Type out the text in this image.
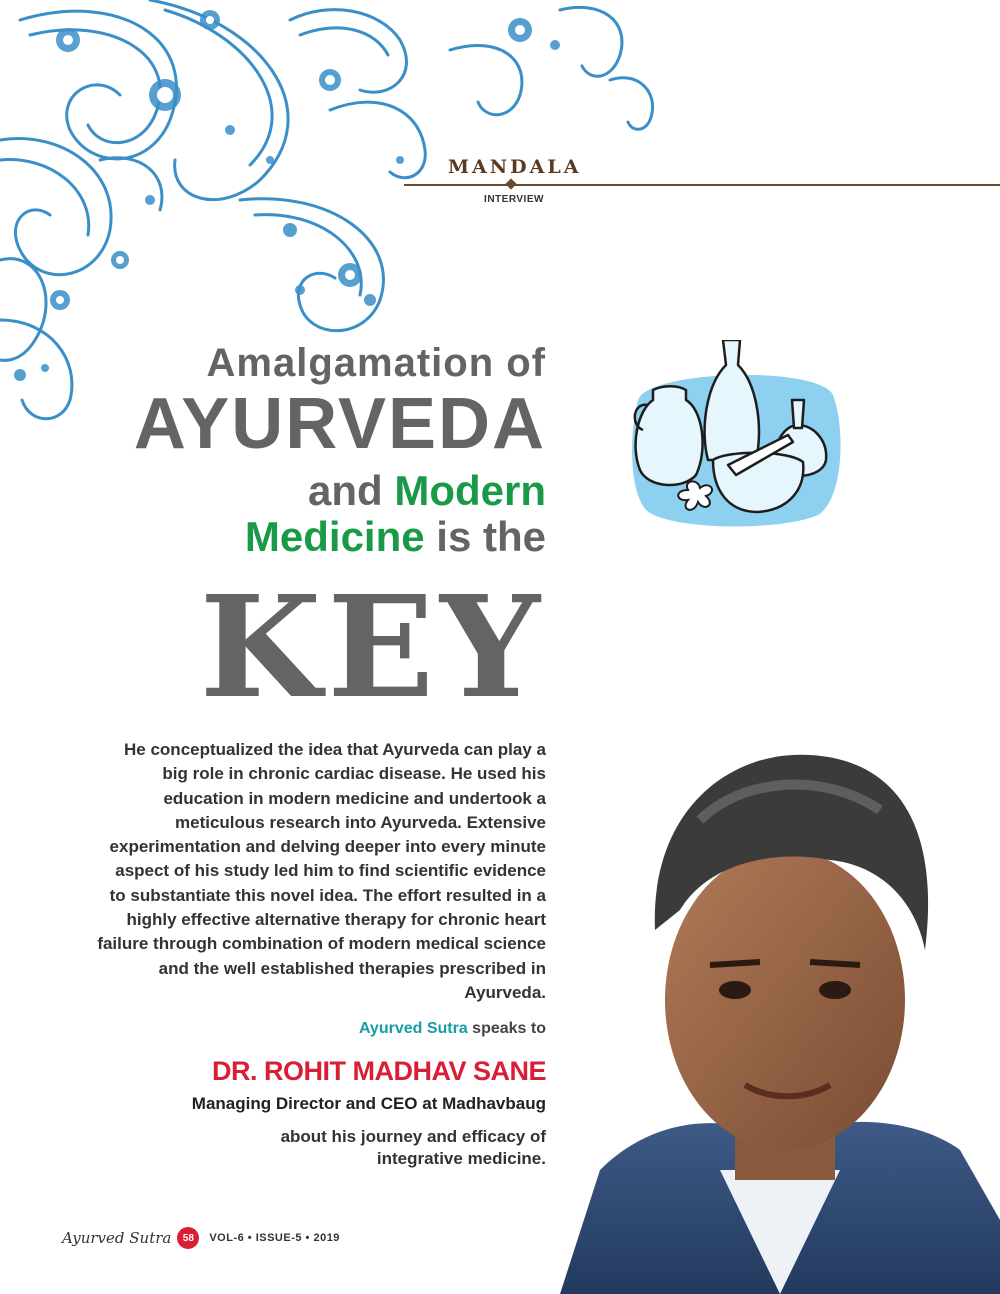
MANDALA
INTERVIEW
Amalgamation of
AYURVEDA
and Modern
Medicine is the
KEY
He conceptualized the idea that Ayurveda can play a big role in chronic cardiac disease. He used his education in modern medicine and undertook a meticulous research into Ayurveda. Extensive experimentation and delving deeper into every minute aspect of his study led him to find scientific evidence to substantiate this novel idea. The effort resulted in a highly effective alternative therapy for chronic heart failure through combination of modern medical science and the well established therapies prescribed in Ayurveda.
Ayurved Sutra speaks to
DR. ROHIT MADHAV SANE
Managing Director and CEO at Madhavbaug
about his journey and efficacy of integrative medicine.
Ayurved Sutra	58	VOL-6 • ISSUE-5 • 2019
